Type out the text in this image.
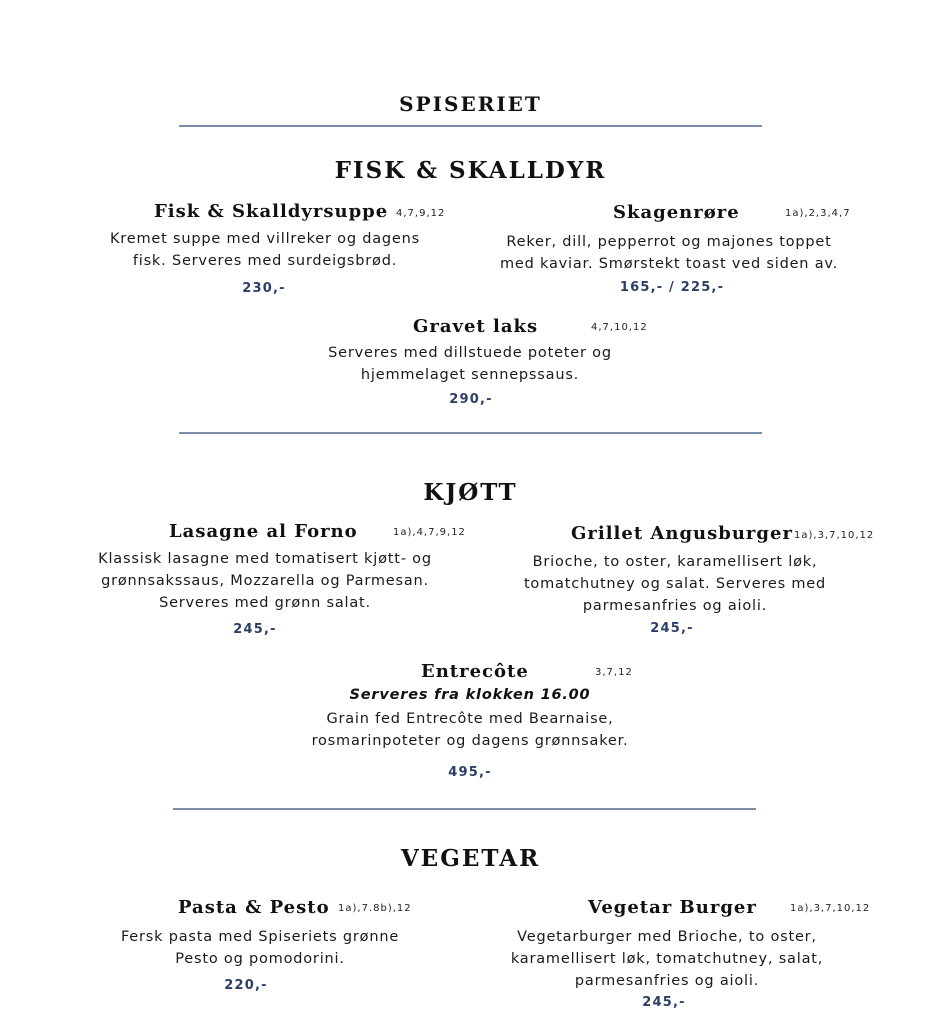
SPISERIET
FISK & SKALLDYR
Fisk & Skalldyrsuppe 4,7,9,12
Kremet suppe med villreker og dagens
fisk. Serveres med surdeigsbrød.
230,-
Skagenrøre	1a),2,3,4,7
Reker, dill, pepperrot og majones toppet
med kaviar. Smørstekt toast ved siden av.
165,- / 225,-
Gravet laks	4,7,10,12
Serveres med dillstuede poteter og
hjemmelaget sennepssaus.
290,-
KJØTT
Lasagne al Forno	1a),4,7,9,12
Klassisk lasagne med tomatisert kjøtt- og
grønnsakssaus, Mozzarella og Parmesan.
Serveres med grønn salat.
245,-
Grillet Angusburger 1a),3,7,10,12
Brioche, to oster, karamellisert løk,
tomatchutney og salat. Serveres med
parmesanfries og aioli.
245,-
Entrecôte	3,7,12
Serveres fra klokken 16.00
Grain fed Entrecôte med Bearnaise,
rosmarinpoteter og dagens grønnsaker.
495,-
VEGETAR
Pasta & Pesto 1a),7.8b),12
Fersk pasta med Spiseriets grønne
Pesto og pomodorini.
220,-
Vegetar Burger	1a),3,7,10,12
Vegetarburger med Brioche, to oster,
karamellisert løk, tomatchutney, salat,
parmesanfries og aioli.
245,-
